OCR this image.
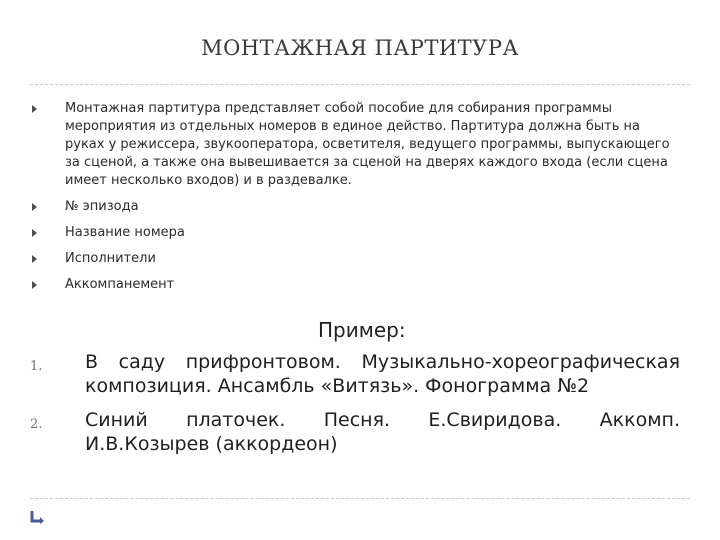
МОНТАЖНАЯ ПАРТИТУРА
Монтажная партитура представляет собой пособие для собирания программы мероприятия из отдельных номеров в единое действо. Партитура должна быть на руках у режиссера, звукооператора, осветителя, ведущего программы, выпускающего за сценой, а также она вывешивается за сценой на дверях каждого входа (если сцена имеет несколько входов) и в раздевалке.
№ эпизода
Название номера
Исполнители
Аккомпанемент

Пример:

1. В саду прифронтовом. Музыкально-хореографическая
композиция. Ансамбль «Витязь». Фонограмма №2
2. Синий платочек. Песня. Е.Свиридова. Аккомп.
И.В.Козырев (аккордеон)
